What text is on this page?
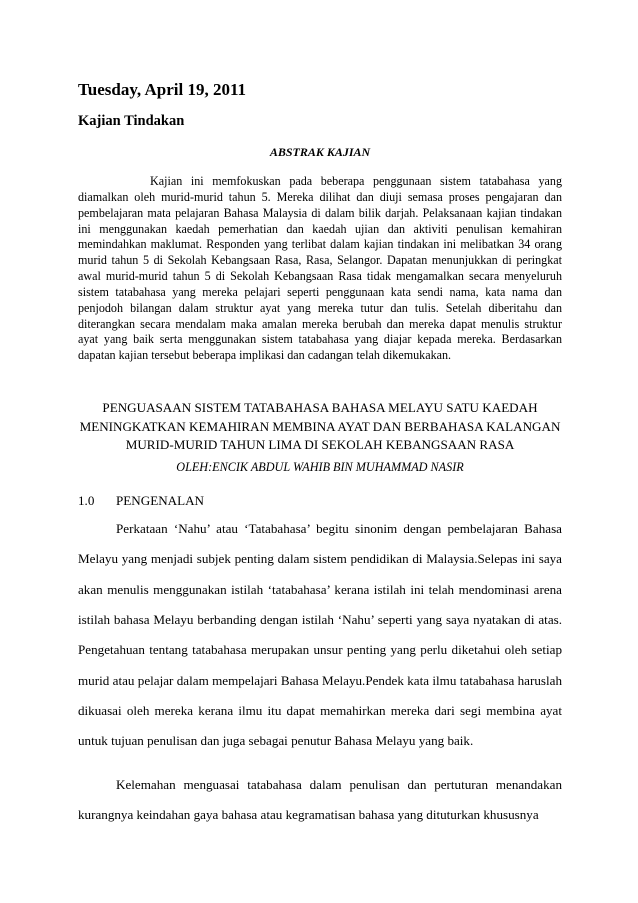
Tuesday, April 19, 2011
Kajian Tindakan
ABSTRAK KAJIAN

Kajian ini memfokuskan pada beberapa penggunaan sistem tatabahasa yang diamalkan oleh murid-murid tahun 5. Mereka dilihat dan diuji semasa proses pengajaran dan pembelajaran mata pelajaran Bahasa Malaysia di dalam bilik darjah. Pelaksanaan kajian tindakan ini menggunakan kaedah pemerhatian dan kaedah ujian dan aktiviti penulisan kemahiran memindahkan maklumat. Responden yang terlibat dalam kajian tindakan ini melibatkan 34 orang murid tahun 5 di Sekolah Kebangsaan Rasa, Rasa, Selangor. Dapatan menunjukkan di peringkat awal murid-murid tahun 5 di Sekolah Kebangsaan Rasa tidak mengamalkan secara menyeluruh sistem tatabahasa yang mereka pelajari seperti penggunaan kata sendi nama, kata nama dan penjodoh bilangan dalam struktur ayat yang mereka tutur dan tulis. Setelah diberitahu dan diterangkan secara mendalam maka amalan mereka berubah dan mereka dapat menulis struktur ayat yang baik serta menggunakan sistem tatabahasa yang diajar kepada mereka. Berdasarkan dapatan kajian tersebut beberapa implikasi dan cadangan telah dikemukakan.

PENGUASAAN SISTEM TATABAHASA BAHASA MELAYU SATU KAEDAH
MENINGKATKAN KEMAHIRAN MEMBINA AYAT DAN BERBAHASA KALANGAN
MURID-MURID TAHUN LIMA DI SEKOLAH KEBANGSAAN RASA

OLEH:ENCIK ABDUL WAHIB BIN MUHAMMAD NASIR
1.0 PENGENALAN

Perkataan ‘Nahu’ atau ‘Tatabahasa’ begitu sinonim dengan pembelajaran Bahasa Melayu yang menjadi subjek penting dalam sistem pendidikan di Malaysia.Selepas ini saya akan menulis menggunakan istilah ‘tatabahasa’ kerana istilah ini telah mendominasi arena istilah bahasa Melayu berbanding dengan istilah ‘Nahu’ seperti yang saya nyatakan di atas. Pengetahuan tentang tatabahasa merupakan unsur penting yang perlu diketahui oleh setiap murid atau pelajar dalam mempelajari Bahasa Melayu.Pendek kata ilmu tatabahasa haruslah dikuasai oleh mereka kerana ilmu itu dapat memahirkan mereka dari segi membina ayat untuk tujuan penulisan dan juga sebagai penutur Bahasa Melayu yang baik.

Kelemahan menguasai tatabahasa dalam penulisan dan pertuturan menandakan kurangnya keindahan gaya bahasa atau kegramatisan bahasa yang dituturkan khususnya
